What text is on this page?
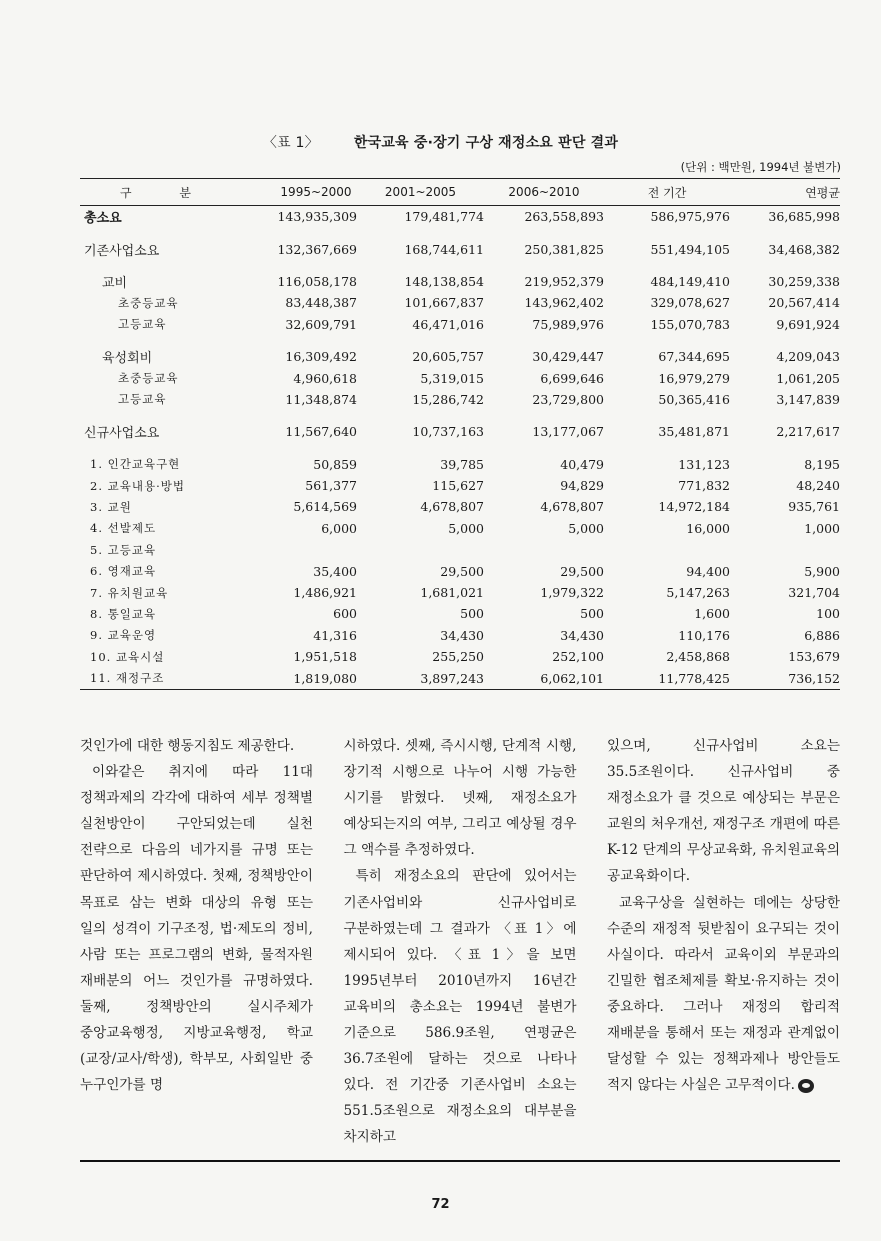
〈표 1〉	한국교육 중·장기 구상 재정소요 판단 결과
(단위 : 백만원, 1994년 불변가)
구 분	1995~2000	2001~2005	2006~2010	전 기간	연평균
총소요	143,935,309	179,481,774	263,558,893	586,975,976	36,685,998
기존사업소요	132,367,669	168,744,611	250,381,825	551,494,105	34,468,382
교비	116,058,178	148,138,854	219,952,379	484,149,410	30,259,338
초중등교육	83,448,387	101,667,837	143,962,402	329,078,627	20,567,414
고등교육	32,609,791	46,471,016	75,989,976	155,070,783	9,691,924
육성회비	16,309,492	20,605,757	30,429,447	67,344,695	4,209,043
초중등교육	4,960,618	5,319,015	6,699,646	16,979,279	1,061,205
고등교육	11,348,874	15,286,742	23,729,800	50,365,416	3,147,839
신규사업소요	11,567,640	10,737,163	13,177,067	35,481,871	2,217,617
1. 인간교육구현	50,859	39,785	40,479	131,123	8,195
2. 교육내용·방법	561,377	115,627	94,829	771,832	48,240
3. 교원	5,614,569	4,678,807	4,678,807	14,972,184	935,761
4. 선발제도	6,000	5,000	5,000	16,000	1,000
5. 고등교육
6. 영재교육	35,400	29,500	29,500	94,400	5,900
7. 유치원교육	1,486,921	1,681,021	1,979,322	5,147,263	321,704
8. 통일교육	600	500	500	1,600	100
9. 교육운영	41,316	34,430	34,430	110,176	6,886
10. 교육시설	1,951,518	255,250	252,100	2,458,868	153,679
11. 재정구조	1,819,080	3,897,243	6,062,101	11,778,425	736,152

것인가에 대한 행동지침도 제공한다.

이와같은 취지에 따라 11대 정책과제의 각각에 대하여 세부 정책별 실천방안이 구안되었는데 실천 전략으로 다음의 네가지를 규명 또는 판단하여 제시하였다. 첫째, 정책방안이 목표로 삼는 변화 대상의 유형 또는 일의 성격이 기구조정, 법·제도의 정비, 사람 또는 프로그램의 변화, 물적자원 재배분의 어느 것인가를 규명하였다. 둘째, 정책방안의 실시주체가 중앙교육행정, 지방교육행정, 학교(교장/교사/학생), 학부모, 사회일반 중 누구인가를 명

시하였다. 셋째, 즉시시행, 단계적 시행, 장기적 시행으로 나누어 시행 가능한 시기를 밝혔다. 넷째, 재정소요가 예상되는지의 여부, 그리고 예상될 경우 그 액수를 추정하였다.

특히 재정소요의 판단에 있어서는 기존사업비와 신규사업비로 구분하였는데 그 결과가 〈표 1〉에 제시되어 있다. 〈표 1〉을 보면 1995년부터 2010년까지 16년간 교육비의 총소요는 1994년 불변가 기준으로 586.9조원, 연평균은 36.7조원에 달하는 것으로 나타나 있다. 전 기간중 기존사업비 소요는 551.5조원으로 재정소요의 대부분을 차지하고

있으며, 신규사업비 소요는 35.5조원이다. 신규사업비 중 재정소요가 클 것으로 예상되는 부문은 교원의 처우개선, 재정구조 개편에 따른 K-12 단계의 무상교육화, 유치원교육의 공교육화이다.

교육구상을 실현하는 데에는 상당한 수준의 재정적 뒷받침이 요구되는 것이 사실이다. 따라서 교육이외 부문과의 긴밀한 협조체제를 확보·유지하는 것이 중요하다. 그러나 재정의 합리적 재배분을 통해서 또는 재정과 관계없이 달성할 수 있는 정책과제나 방안들도 적지 않다는 사실은 고무적이다.

72
